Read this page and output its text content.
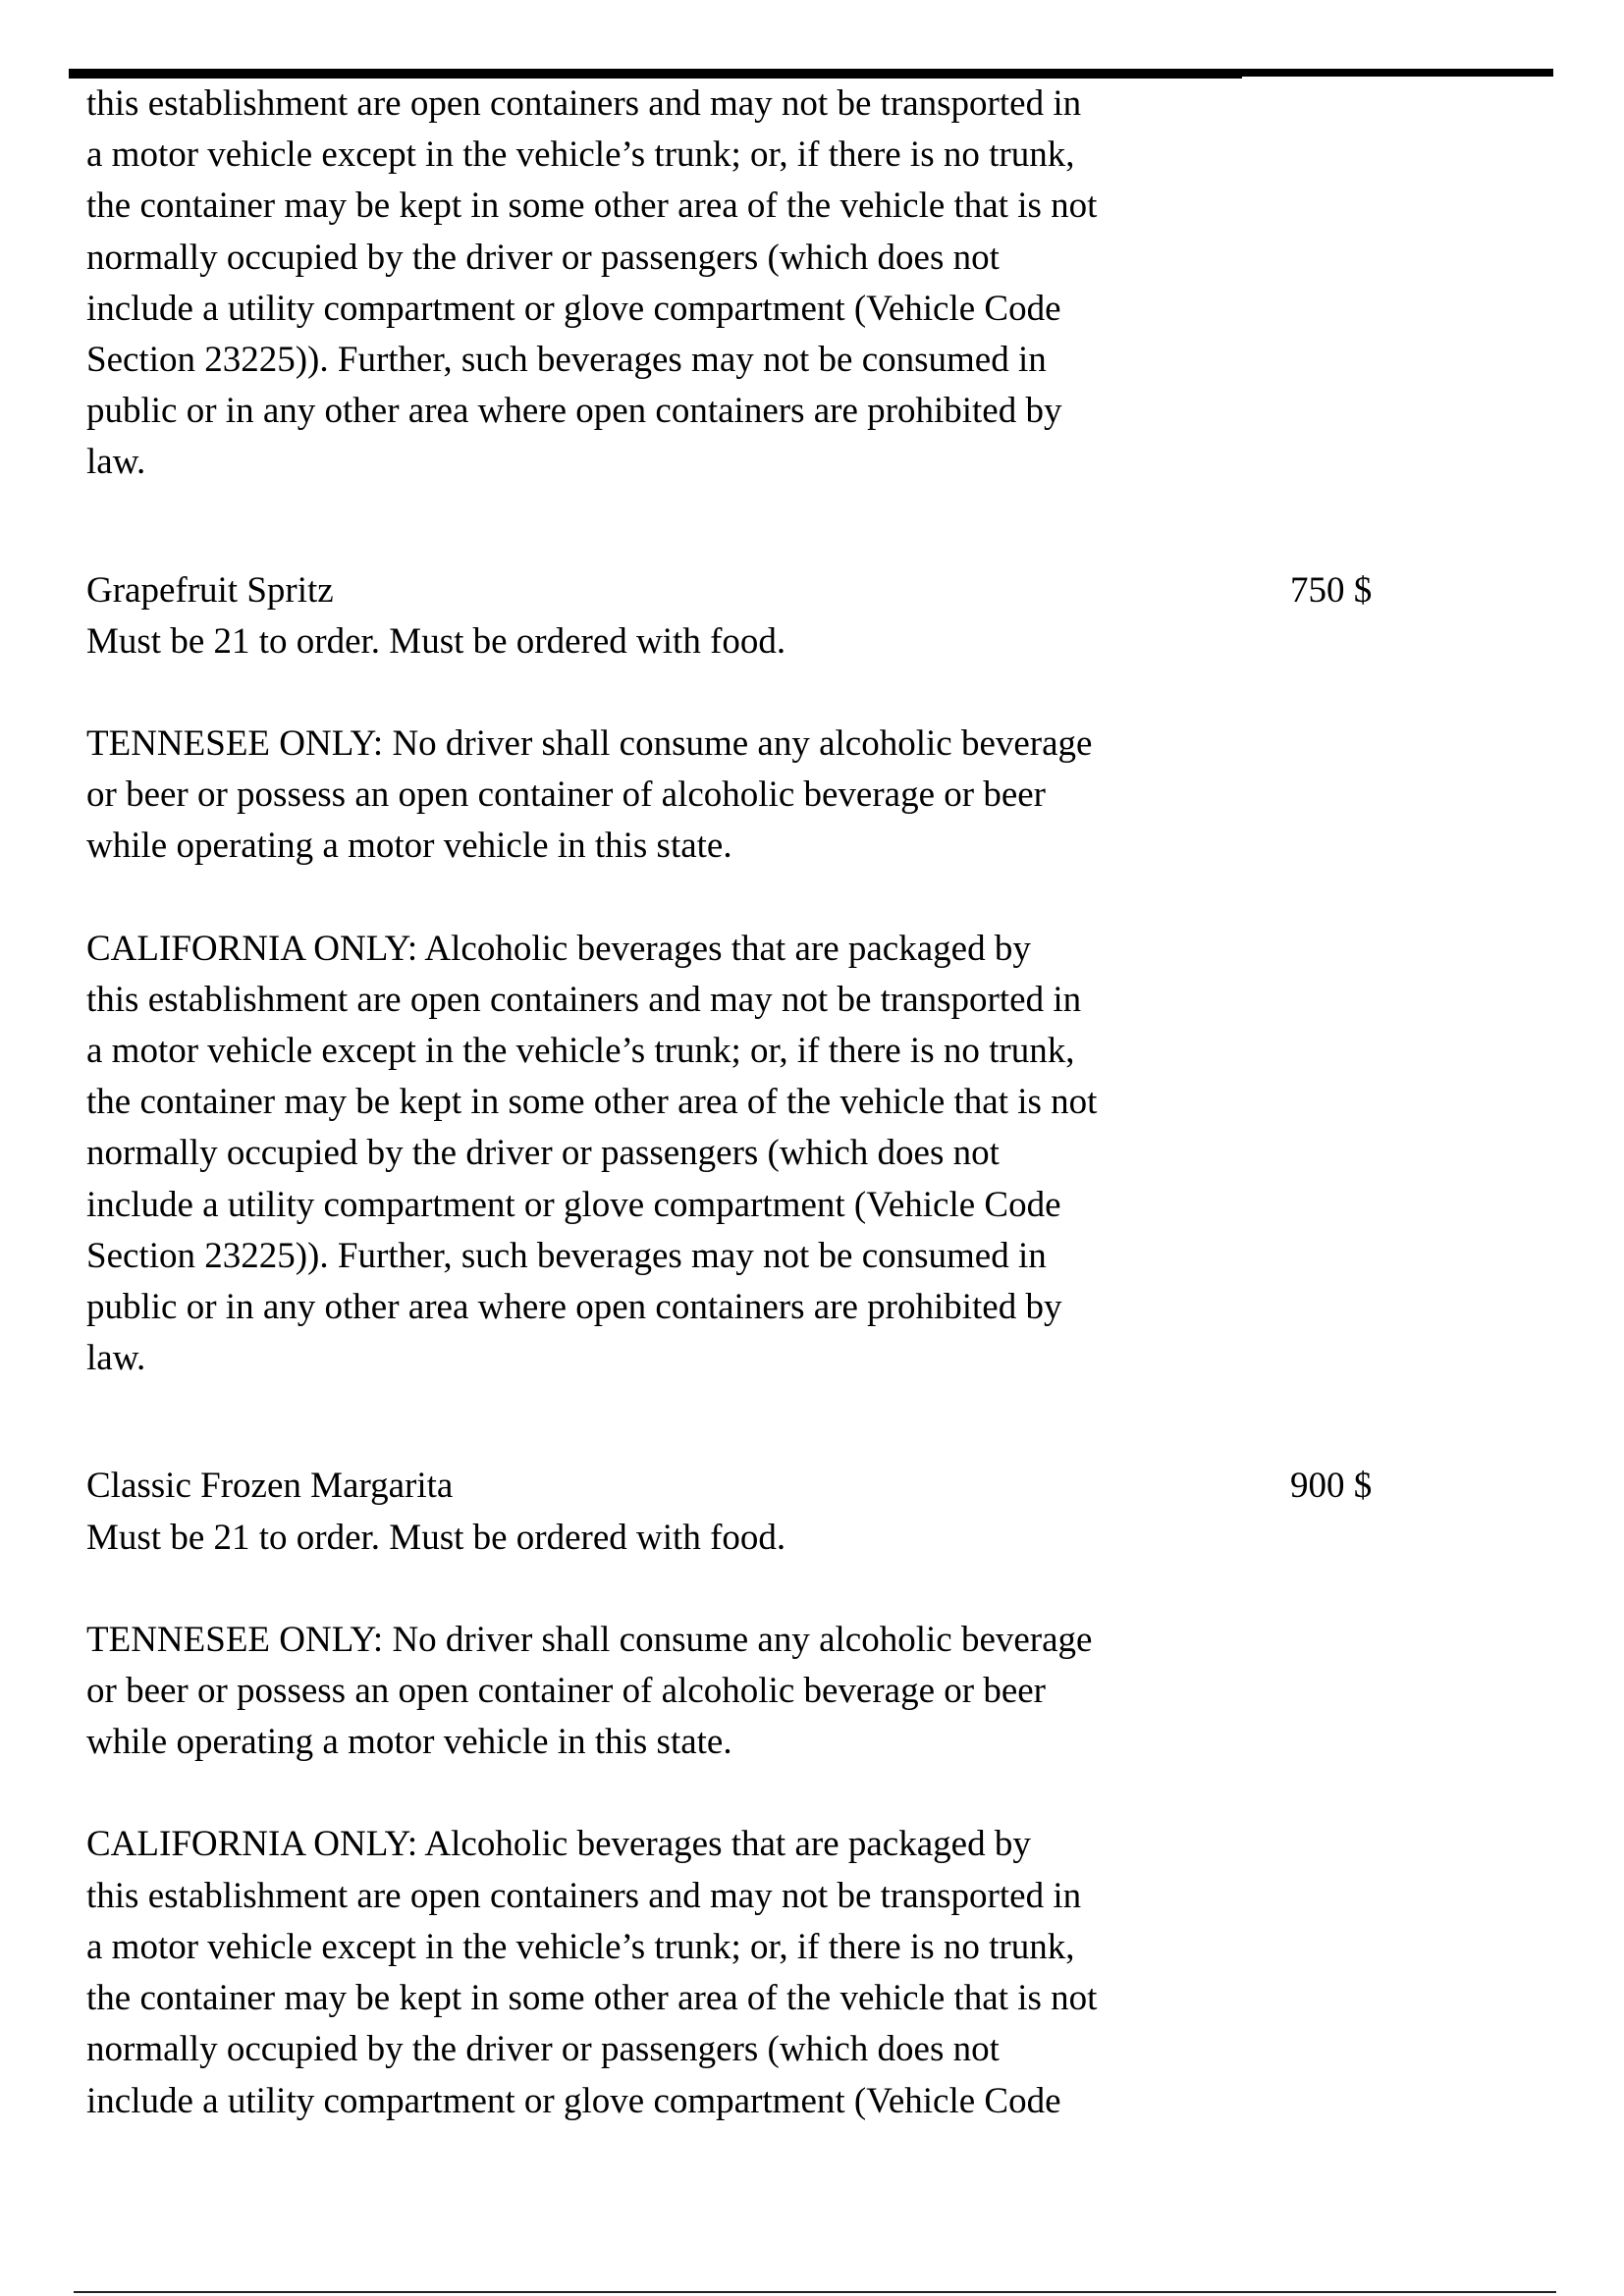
this establishment are open containers and may not be transported in
a motor vehicle except in the vehicle’s trunk; or, if there is no trunk,
the container may be kept in some other area of the vehicle that is not
normally occupied by the driver or passengers (which does not
include a utility compartment or glove compartment (Vehicle Code
Section 23225)). Further, such beverages may not be consumed in
public or in any other area where open containers are prohibited by
law.
Grapefruit Spritz	750 $
Must be 21 to order. Must be ordered with food.
TENNESEE ONLY: No driver shall consume any alcoholic beverage
or beer or possess an open container of alcoholic beverage or beer
while operating a motor vehicle in this state.
CALIFORNIA ONLY: Alcoholic beverages that are packaged by
this establishment are open containers and may not be transported in
a motor vehicle except in the vehicle’s trunk; or, if there is no trunk,
the container may be kept in some other area of the vehicle that is not
normally occupied by the driver or passengers (which does not
include a utility compartment or glove compartment (Vehicle Code
Section 23225)). Further, such beverages may not be consumed in
public or in any other area where open containers are prohibited by
law.
Classic Frozen Margarita	900 $
Must be 21 to order. Must be ordered with food.
TENNESEE ONLY: No driver shall consume any alcoholic beverage
or beer or possess an open container of alcoholic beverage or beer
while operating a motor vehicle in this state.
CALIFORNIA ONLY: Alcoholic beverages that are packaged by
this establishment are open containers and may not be transported in
a motor vehicle except in the vehicle’s trunk; or, if there is no trunk,
the container may be kept in some other area of the vehicle that is not
normally occupied by the driver or passengers (which does not
include a utility compartment or glove compartment (Vehicle Code
